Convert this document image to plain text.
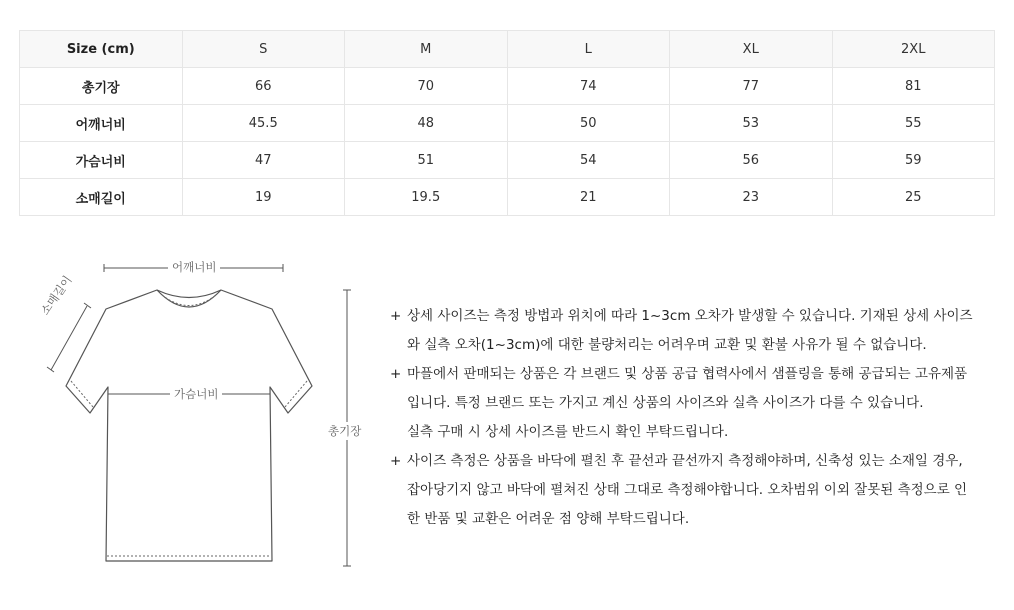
Size (cm)	S	M	L	XL	2XL
총기장	66	70	74	77	81
어깨너비	45.5	48	50	53	55
가슴너비	47	51	54	56	59
소매길이	19	19.5	21	23	25
어깨너비
가슴너비
총기장
소매길이	+ 상세 사이즈는 측정 방법과 위치에 따라 1~3cm 오차가 발생할 수 있습니다. 기재된 상세 사이즈
와 실측 오차(1~3cm)에 대한 불량처리는 어려우며 교환 및 환불 사유가 될 수 없습니다.
+ 마플에서 판매되는 상품은 각 브랜드 및 상품 공급 협력사에서 샘플링을 통해 공급되는 고유제품
입니다. 특정 브랜드 또는 가지고 계신 상품의 사이즈와 실측 사이즈가 다를 수 있습니다.
실측 구매 시 상세 사이즈를 반드시 확인 부탁드립니다.
+ 사이즈 측정은 상품을 바닥에 펼친 후 끝선과 끝선까지 측정해야하며, 신축성 있는 소재일 경우,
잡아당기지 않고 바닥에 펼쳐진 상태 그대로 측정해야합니다. 오차범위 이외 잘못된 측정으로 인
한 반품 및 교환은 어려운 점 양해 부탁드립니다.
